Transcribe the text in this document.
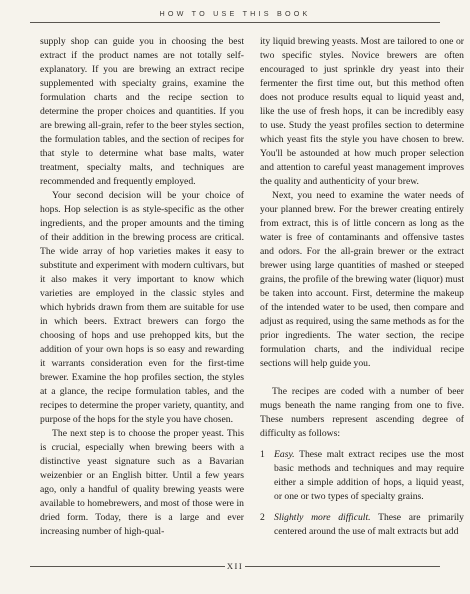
HOW TO USE THIS BOOK

supply shop can guide you in choosing the best extract if the product names are not totally self-explanatory. If you are brewing an extract recipe supplemented with specialty grains, examine the formulation charts and the recipe section to determine the proper choices and quantities. If you are brewing all-grain, refer to the beer styles section, the formulation tables, and the section of recipes for that style to determine what base malts, water treatment, specialty malts, and techniques are recommended and frequently employed.

Your second decision will be your choice of hops. Hop selection is as style-specific as the other ingredients, and the proper amounts and the timing of their addition in the brewing process are critical. The wide array of hop varieties makes it easy to substitute and experiment with modern cultivars, but it also makes it very important to know which varieties are employed in the classic styles and which hybrids drawn from them are suitable for use in which beers. Extract brewers can forgo the choosing of hops and use prehopped kits, but the addition of your own hops is so easy and rewarding it warrants consideration even for the first-time brewer. Examine the hop profiles section, the styles at a glance, the recipe formulation tables, and the recipes to determine the proper variety, quantity, and purpose of the hops for the style you have chosen.

The next step is to choose the proper yeast. This is crucial, especially when brewing beers with a distinctive yeast signature such as a Bavarian weizenbier or an English bitter. Until a few years ago, only a handful of quality brewing yeasts were available to homebrewers, and most of those were in dried form. Today, there is a large and ever increasing number of high-qual-

ity liquid brewing yeasts. Most are tailored to one or two specific styles. Novice brewers are often encouraged to just sprinkle dry yeast into their fermenter the first time out, but this method often does not produce results equal to liquid yeast and, like the use of fresh hops, it can be incredibly easy to use. Study the yeast profiles section to determine which yeast fits the style you have chosen to brew. You'll be astounded at how much proper selection and attention to careful yeast management improves the quality and authenticity of your brew.

Next, you need to examine the water needs of your planned brew. For the brewer creating entirely from extract, this is of little concern as long as the water is free of contaminants and offensive tastes and odors. For the all-grain brewer or the extract brewer using large quantities of mashed or steeped grains, the profile of the brewing water (liquor) must be taken into account. First, determine the makeup of the intended water to be used, then compare and adjust as required, using the same methods as for the prior ingredients. The water section, the recipe formulation charts, and the individual recipe sections will help guide you.

The recipes are coded with a number of beer mugs beneath the name ranging from one to five. These numbers represent ascending degree of difficulty as follows:

1 Easy. These malt extract recipes use the most basic methods and techniques and may require either a simple addition of hops, a liquid yeast, or one or two types of specialty grains.
2 Slightly more difficult. These are primarily centered around the use of malt extracts but add
XII
